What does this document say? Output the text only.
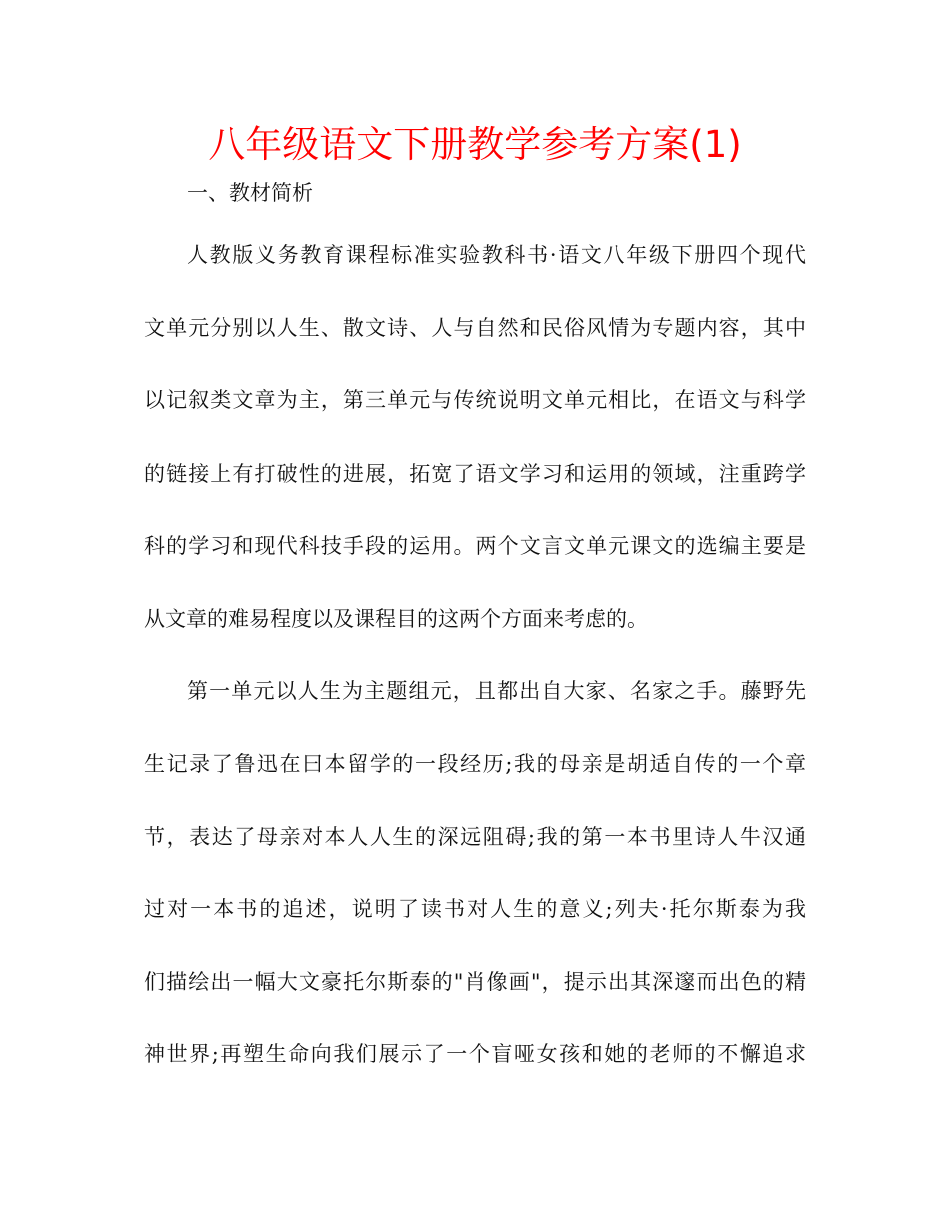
八年级语文下册教学参考方案(1)
一、教材简析

人教版义务教育课程标准实验教科书·语文八年级下册四个现代

文单元分别以人生、散文诗、人与自然和民俗风情为专题内容，其中

以记叙类文章为主，第三单元与传统说明文单元相比，在语文与科学

的链接上有打破性的进展，拓宽了语文学习和运用的领域，注重跨学

科的学习和现代科技手段的运用。两个文言文单元课文的选编主要是

从文章的难易程度以及课程目的这两个方面来考虑的。

第一单元以人生为主题组元，且都出自大家、名家之手。藤野先

生记录了鲁迅在曰本留学的一段经历;我的母亲是胡适自传的一个章

节，表达了母亲对本人人生的深远阻碍;我的第一本书里诗人牛汉通

过对一本书的追述，说明了读书对人生的意义;列夫·托尔斯泰为我

们描绘出一幅大文豪托尔斯泰的"肖像画"，提示出其深邃而出色的精

神世界;再塑生命向我们展示了一个盲哑女孩和她的老师的不懈追求
